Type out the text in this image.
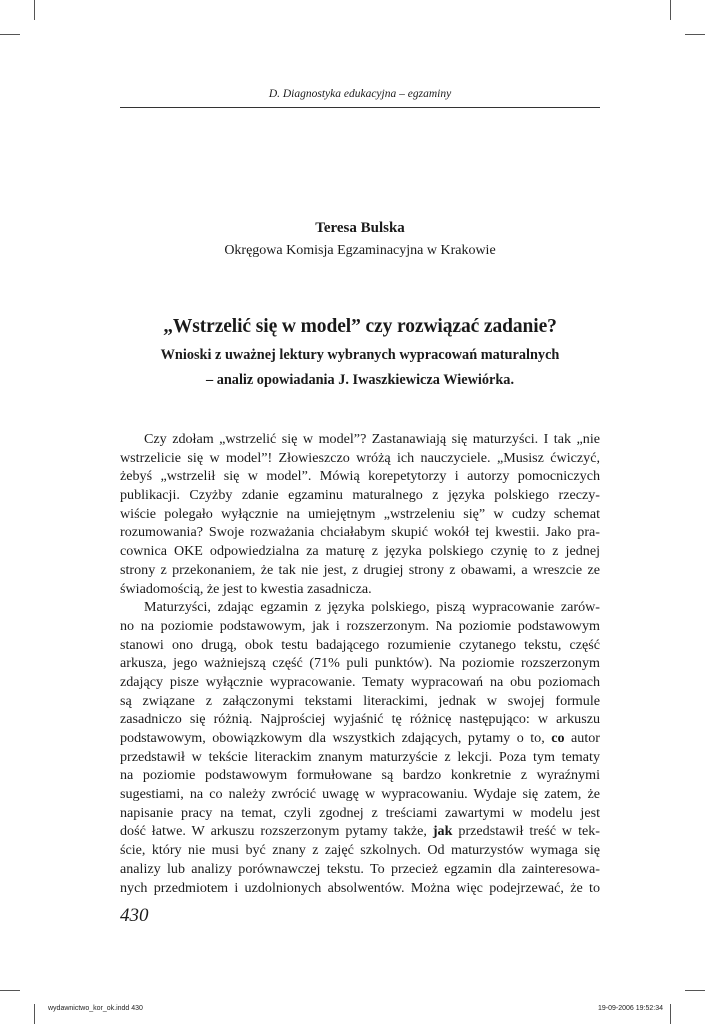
D. Diagnostyka edukacyjna – egzaminy
Teresa Bulska
Okręgowa Komisja Egzaminacyjna w Krakowie
„Wstrzelić się w model” czy rozwiązać zadanie?
Wnioski z uważnej lektury wybranych wypracowań maturalnych
– analiz opowiadania J. Iwaszkiewicza Wiewiórka.
Czy zdołam „wstrzelić się w model”? Zastanawiają się maturzyści. I tak „nie
wstrzelicie się w model”! Złowieszczo wróżą ich nauczyciele. „Musisz ćwiczyć,
żebyś „wstrzelił się w model”. Mówią korepetytorzy i autorzy pomocniczych
publikacji. Czyżby zdanie egzaminu maturalnego z języka polskiego rzeczy-
wiście polegało wyłącznie na umiejętnym „wstrzeleniu się” w cudzy schemat
rozumowania? Swoje rozważania chciałabym skupić wokół tej kwestii. Jako pra-
cownica OKE odpowiedzialna za maturę z języka polskiego czynię to z jednej
strony z przekonaniem, że tak nie jest, z drugiej strony z obawami, a wreszcie ze
świadomością, że jest to kwestia zasadnicza.
Maturzyści, zdając egzamin z języka polskiego, piszą wypracowanie zarów-
no na poziomie podstawowym, jak i rozszerzonym. Na poziomie podstawowym
stanowi ono drugą, obok testu badającego rozumienie czytanego tekstu, część
arkusza, jego ważniejszą część (71% puli punktów). Na poziomie rozszerzonym
zdający pisze wyłącznie wypracowanie. Tematy wypracowań na obu poziomach
są związane z załączonymi tekstami literackimi, jednak w swojej formule
zasadniczo się różnią. Najprościej wyjaśnić tę różnicę następująco: w arkuszu
podstawowym, obowiązkowym dla wszystkich zdających, pytamy o to, co autor
przedstawił w tekście literackim znanym maturzyście z lekcji. Poza tym tematy
na poziomie podstawowym formułowane są bardzo konkretnie z wyraźnymi
sugestiami, na co należy zwrócić uwagę w wypracowaniu. Wydaje się zatem, że
napisanie pracy na temat, czyli zgodnej z treściami zawartymi w modelu jest
dość łatwe. W arkuszu rozszerzonym pytamy także, jak przedstawił treść w tek-
ście, który nie musi być znany z zajęć szkolnych. Od maturzystów wymaga się
analizy lub analizy porównawczej tekstu. To przecież egzamin dla zainteresowa-
nych przedmiotem i uzdolnionych absolwentów. Można więc podejrzewać, że to
430
wydawnictwo_kor_ok.indd 430	19-09-2006 19:52:34
